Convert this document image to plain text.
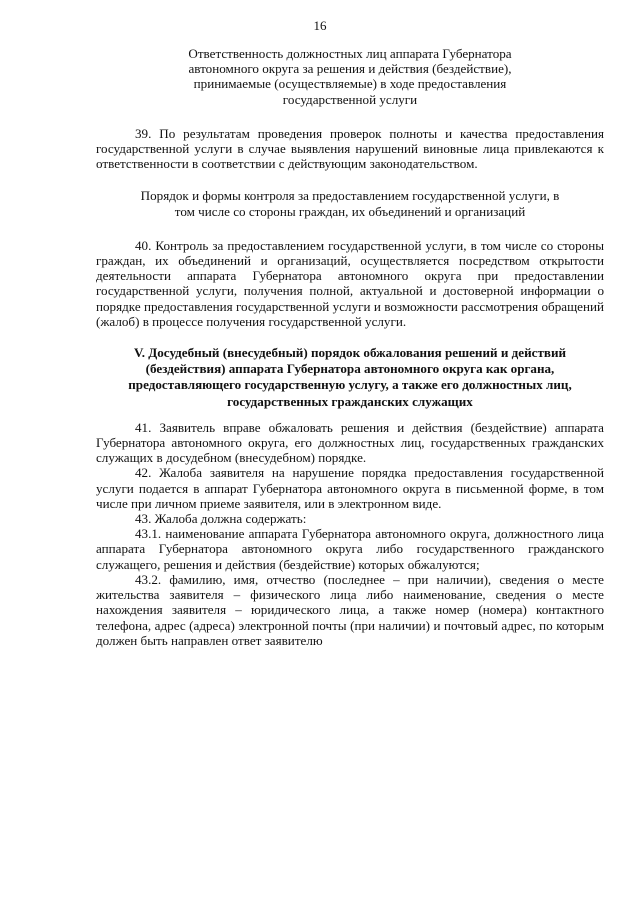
16

Ответственность должностных лиц аппарата Губернатора автономного округа за решения и действия (бездействие), принимаемые (осуществляемые) в ходе предоставления государственной услуги

39. По результатам проведения проверок полноты и качества предоставления государственной услуги в случае выявления нарушений виновные лица привлекаются к ответственности в соответствии с действующим законодательством.

Порядок и формы контроля за предоставлением государственной услуги, в том числе со стороны граждан, их объединений и организаций

40. Контроль за предоставлением государственной услуги, в том числе со стороны граждан, их объединений и организаций, осуществляется посредством открытости деятельности аппарата Губернатора автономного округа при предоставлении государственной услуги, получения полной, актуальной и достоверной информации о порядке предоставления государственной услуги и возможности рассмотрения обращений (жалоб) в процессе получения государственной услуги.

V. Досудебный (внесудебный) порядок обжалования решений и действий (бездействия) аппарата Губернатора автономного округа как органа, предоставляющего государственную услугу, а также его должностных лиц, государственных гражданских служащих

41. Заявитель вправе обжаловать решения и действия (бездействие) аппарата Губернатора автономного округа, его должностных лиц, государственных гражданских служащих в досудебном (внесудебном) порядке.

42. Жалоба заявителя на нарушение порядка предоставления государственной услуги подается в аппарат Губернатора автономного округа в письменной форме, в том числе при личном приеме заявителя, или в электронном виде.

43. Жалоба должна содержать:

43.1. наименование аппарата Губернатора автономного округа, должностного лица аппарата Губернатора автономного округа либо государственного гражданского служащего, решения и действия (бездействие) которых обжалуются;

43.2. фамилию, имя, отчество (последнее – при наличии), сведения о месте жительства заявителя – физического лица либо наименование, сведения о месте нахождения заявителя – юридического лица, а также номер (номера) контактного телефона, адрес (адреса) электронной почты (при наличии) и почтовый адрес, по которым должен быть направлен ответ заявителю
